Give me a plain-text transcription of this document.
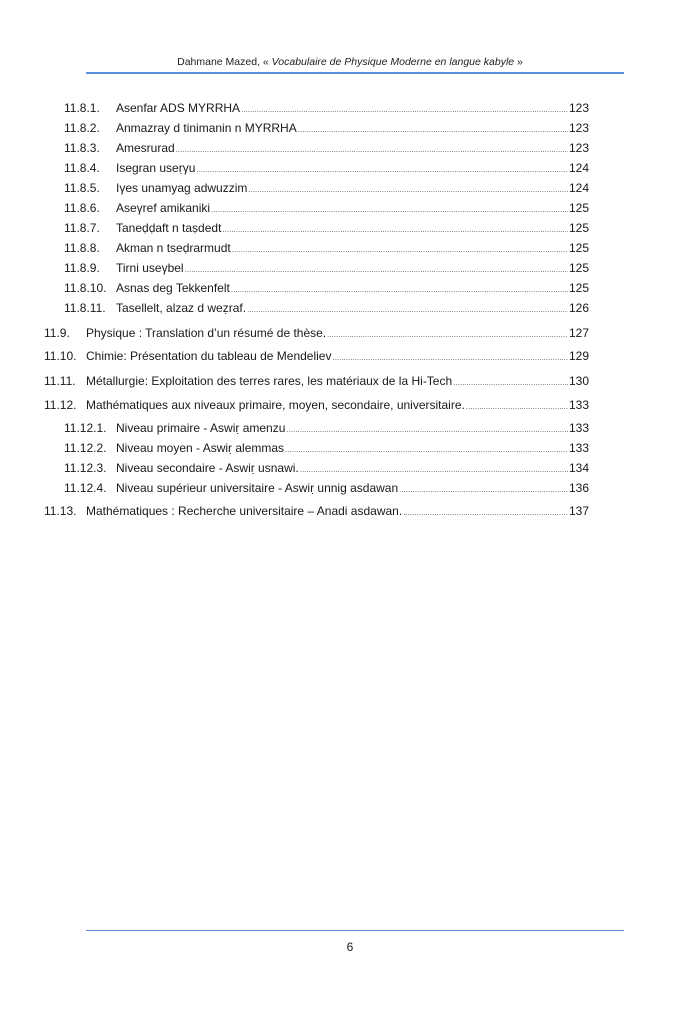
Dahmane Mazed, « Vocabulaire de Physique Moderne en langue kabyle »
11.8.1.	Asenfar ADS MYRRHA .....	123
11.8.2.	Anmazray d tinimanin n MYRRHA .....	123
11.8.3.	Amesrurad .....	123
11.8.4.	Isegran useṛγu .....	124
11.8.5.	Iγes unamyag adwuzzim .....	124
11.8.6.	Aseγref amikaniki .....	125
11.8.7.	Taneḍḍaft n taṣdedt .....	125
11.8.8.	Akman n tseḍrarmudt .....	125
11.8.9.	Tirni useγbel .....	125
11.8.10. Asnas deg Tekkenfelt .....	125
11.8.11. Tasellelt, alzaz d weẓraf. .....	126
11.9.	Physique : Translation d’un résumé de thèse. .....	127
11.10. Chimie: Présentation du tableau de Mendeliev .....	129
11.11. Métallurgie: Exploitation des terres rares, les matériaux de la Hi-Tech .....	130
11.12. Mathématiques aux niveaux primaire, moyen, secondaire, universitaire. .....	133
11.12.1. Niveau primaire - Aswiṛ amenzu .....	133
11.12.2. Niveau moyen - Aswiṛ alemmas .....	133
11.12.3. Niveau secondaire - Aswiṛ usnawi. .....	134
11.12.4. Niveau supérieur universitaire - Aswiṛ unnig asdawan .....	136
11.13. Mathématiques : Recherche universitaire – Anadi asdawan. .....	137
6
